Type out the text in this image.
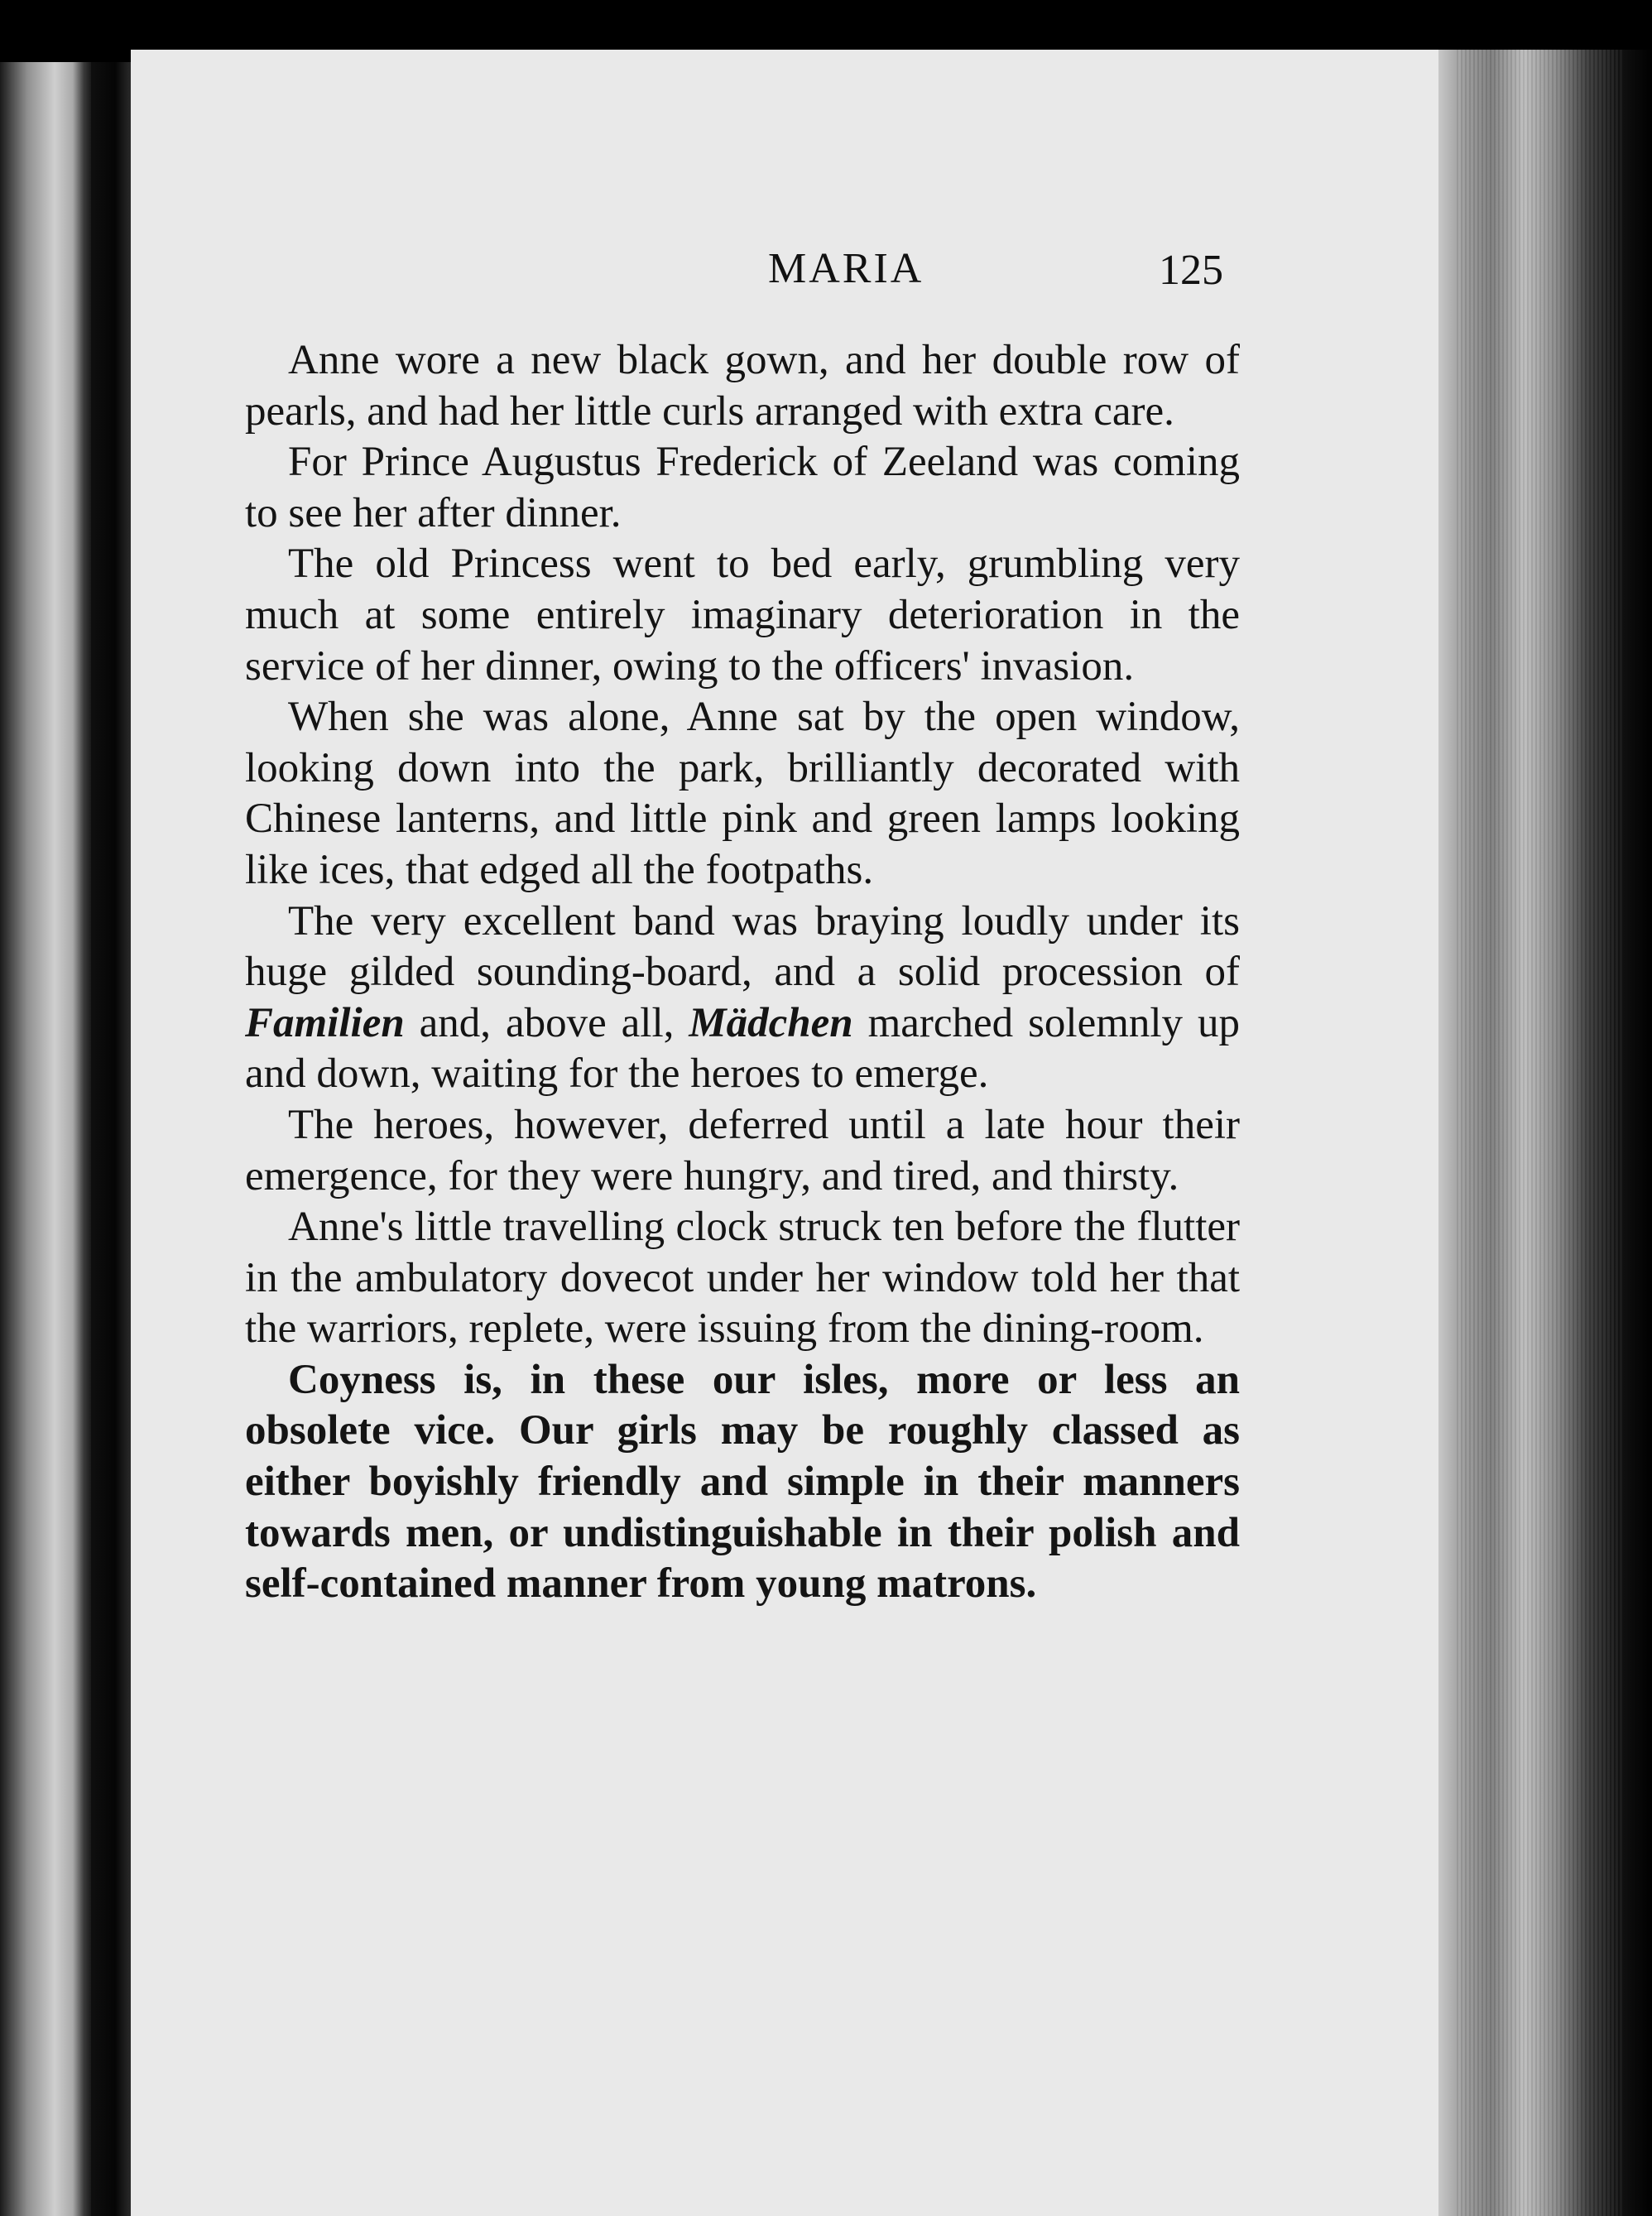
MARIA	125

Anne wore a new black gown, and her double row of pearls, and had her little curls arranged with extra care.

For Prince Augustus Frederick of Zeeland was coming to see her after dinner.

The old Princess went to bed early, grumbling very much at some entirely imaginary deterioration in the service of her dinner, owing to the officers' invasion.

When she was alone, Anne sat by the open window, looking down into the park, brilliantly decorated with Chinese lanterns, and little pink and green lamps looking like ices, that edged all the footpaths.

The very excellent band was braying loudly under its huge gilded sounding-board, and a solid procession of Familien and, above all, Mädchen marched solemnly up and down, waiting for the heroes to emerge.

The heroes, however, deferred until a late hour their emergence, for they were hungry, and tired, and thirsty.

Anne's little travelling clock struck ten before the flutter in the ambulatory dovecot under her window told her that the warriors, replete, were issuing from the dining-room.

Coyness is, in these our isles, more or less an obsolete vice. Our girls may be roughly classed as either boyishly friendly and simple in their manners towards men, or undistinguishable in their polish and self-contained manner from young matrons.
